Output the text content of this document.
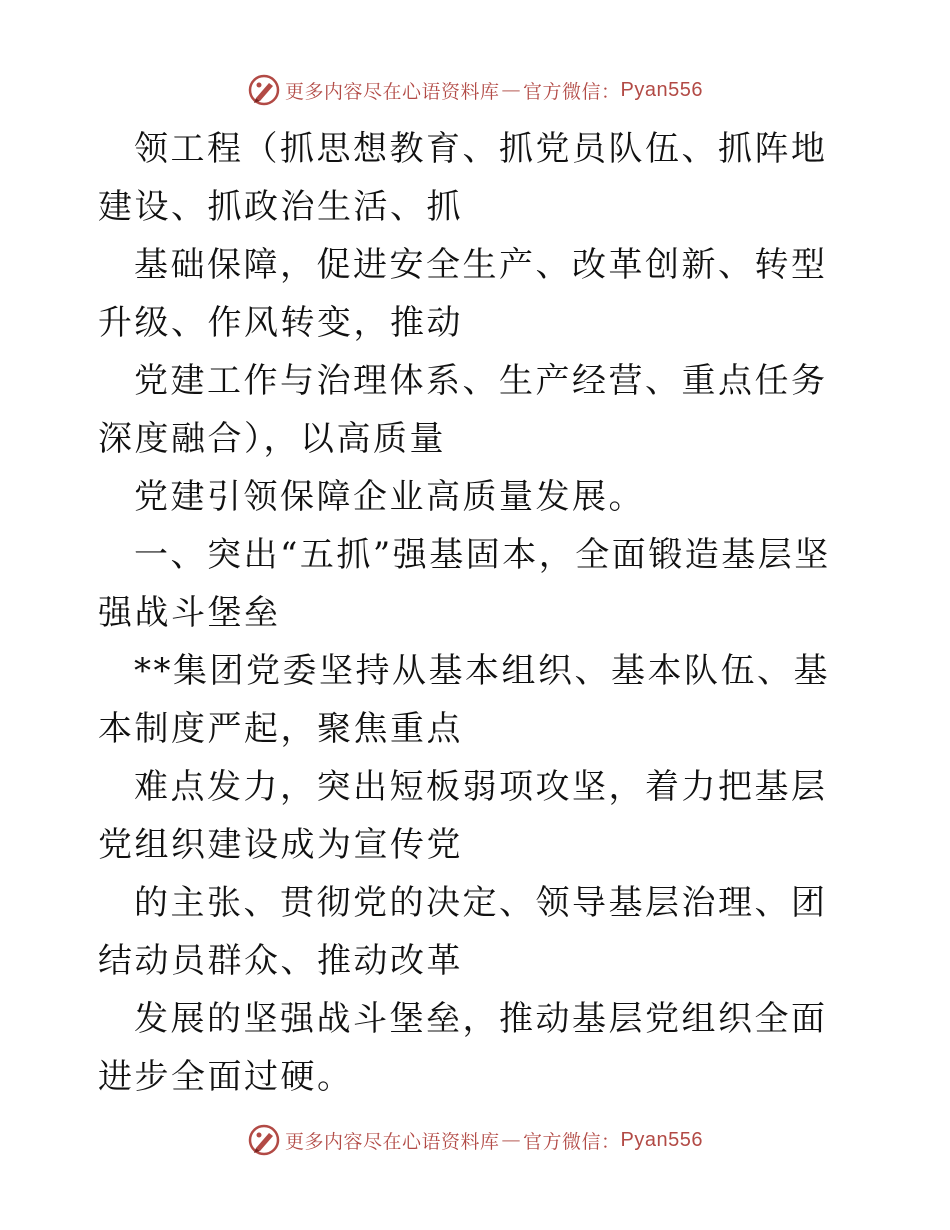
更多内容尽在心语资料库 — 官方微信： Pyan556

领工程（抓思想教育、抓党员队伍、抓阵地建设、抓政治生活、抓

基础保障，促进安全生产、改革创新、转型升级、作风转变，推动

党建工作与治理体系、生产经营、重点任务深度融合），以高质量

党建引领保障企业高质量发展。

一、突出“五抓”强基固本，全面锻造基层坚强战斗堡垒

**集团党委坚持从基本组织、基本队伍、基本制度严起，聚焦重点

难点发力，突出短板弱项攻坚，着力把基层党组织建设成为宣传党

的主张、贯彻党的决定、领导基层治理、团结动员群众、推动改革

发展的坚强战斗堡垒，推动基层党组织全面进步全面过硬。

更多内容尽在心语资料库 — 官方微信： Pyan556
